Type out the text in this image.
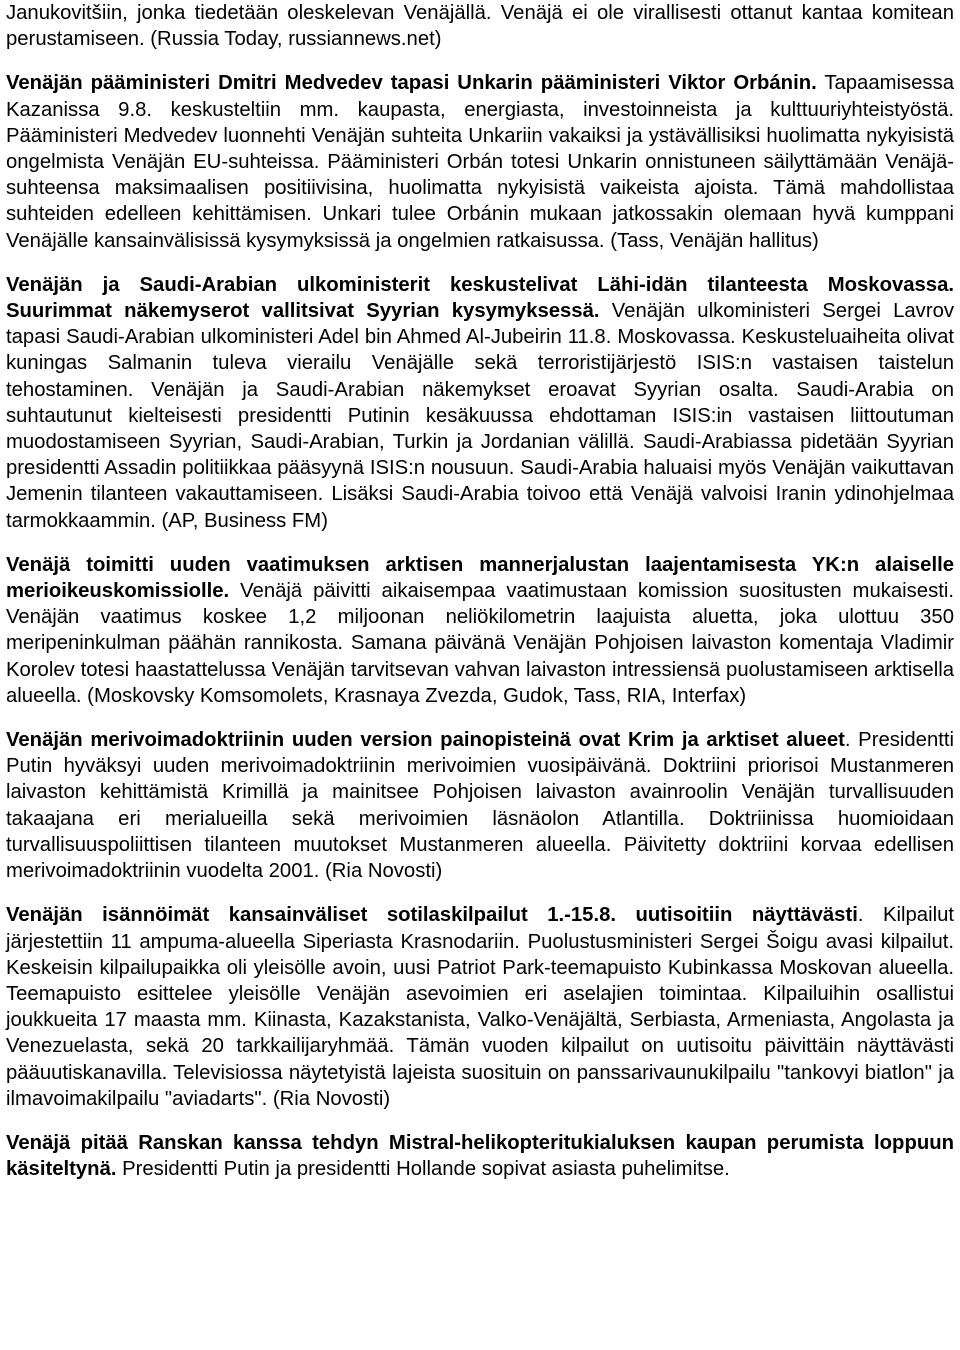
Janukovitšiin, jonka tiedetään oleskelevan Venäjällä. Venäjä ei ole virallisesti ottanut kantaa komitean perustamiseen. (Russia Today, russiannews.net)

Venäjän pääministeri Dmitri Medvedev tapasi Unkarin pääministeri Viktor Orbánin. Tapaamisessa Kazanissa 9.8. keskusteltiin mm. kaupasta, energiasta, investoinneista ja kulttuuriyhteistyöstä. Pääministeri Medvedev luonnehti Venäjän suhteita Unkariin vakaiksi ja ystävällisiksi huolimatta nykyisistä ongelmista Venäjän EU-suhteissa. Pääministeri Orbán totesi Unkarin onnistuneen säilyttämään Venäjä-suhteensa maksimaalisen positiivisina, huolimatta nykyisistä vaikeista ajoista. Tämä mahdollistaa suhteiden edelleen kehittämisen. Unkari tulee Orbánin mukaan jatkossakin olemaan hyvä kumppani Venäjälle kansainvälisissä kysymyksissä ja ongelmien ratkaisussa. (Tass, Venäjän hallitus)

Venäjän ja Saudi-Arabian ulkoministerit keskustelivat Lähi-idän tilanteesta Moskovassa. Suurimmat näkemyserot vallitsivat Syyrian kysymyksessä. Venäjän ulkoministeri Sergei Lavrov tapasi Saudi-Arabian ulkoministeri Adel bin Ahmed Al-Jubeirin 11.8. Moskovassa. Keskusteluaiheita olivat kuningas Salmanin tuleva vierailu Venäjälle sekä terroristijärjestö ISIS:n vastaisen taistelun tehostaminen. Venäjän ja Saudi-Arabian näkemykset eroavat Syyrian osalta. Saudi-Arabia on suhtautunut kielteisesti presidentti Putinin kesäkuussa ehdottaman ISIS:in vastaisen liittoutuman muodostamiseen Syyrian, Saudi-Arabian, Turkin ja Jordanian välillä. Saudi-Arabiassa pidetään Syyrian presidentti Assadin politiikkaa pääsyynä ISIS:n nousuun. Saudi-Arabia haluaisi myös Venäjän vaikuttavan Jemenin tilanteen vakauttamiseen. Lisäksi Saudi-Arabia toivoo että Venäjä valvoisi Iranin ydinohjelmaa tarmokkaammin. (AP, Business FM)

Venäjä toimitti uuden vaatimuksen arktisen mannerjalustan laajentamisesta YK:n alaiselle merioikeuskomissiolle. Venäjä päivitti aikaisempaa vaatimustaan komission suositusten mukaisesti. Venäjän vaatimus koskee 1,2 miljoonan neliökilometrin laajuista aluetta, joka ulottuu 350 meripeninkulman päähän rannikosta. Samana päivänä Venäjän Pohjoisen laivaston komentaja Vladimir Korolev totesi haastattelussa Venäjän tarvitsevan vahvan laivaston intressiensä puolustamiseen arktisella alueella. (Moskovsky Komsomolets, Krasnaya Zvezda, Gudok, Tass, RIA, Interfax)

Venäjän merivoimadoktriinin uuden version painopisteinä ovat Krim ja arktiset alueet. Presidentti Putin hyväksyi uuden merivoimadoktriinin merivoimien vuosipäivänä. Doktriini priorisoi Mustanmeren laivaston kehittämistä Krimillä ja mainitsee Pohjoisen laivaston avainroolin Venäjän turvallisuuden takaajana eri merialueilla sekä merivoimien läsnäolon Atlantilla. Doktriinissa huomioidaan turvallisuuspoliittisen tilanteen muutokset Mustanmeren alueella. Päivitetty doktriini korvaa edellisen merivoimadoktriinin vuodelta 2001. (Ria Novosti)

Venäjän isännöimät kansainväliset sotilaskilpailut 1.-15.8. uutisoitiin näyttävästi. Kilpailut järjestettiin 11 ampuma-alueella Siperiasta Krasnodariin. Puolustusministeri Sergei Šoigu avasi kilpailut. Keskeisin kilpailupaikka oli yleisölle avoin, uusi Patriot Park-teemapuisto Kubinkassa Moskovan alueella. Teemapuisto esittelee yleisölle Venäjän asevoimien eri aselajien toimintaa. Kilpailuihin osallistui joukkueita 17 maasta mm. Kiinasta, Kazakstanista, Valko-Venäjältä, Serbiasta, Armeniasta, Angolasta ja Venezuelasta, sekä 20 tarkkailijaryhmää. Tämän vuoden kilpailut on uutisoitu päivittäin näyttävästi pääuutiskanavilla. Televisiossa näytetyistä lajeista suosituin on panssarivaunukilpailu "tankovyi biatlon" ja ilmavoimakilpailu "aviadarts". (Ria Novosti)

Venäjä pitää Ranskan kanssa tehdyn Mistral-helikopteritukialuksen kaupan perumista loppuun käsiteltynä. Presidentti Putin ja presidentti Hollande sopivat asiasta puhelimitse.
